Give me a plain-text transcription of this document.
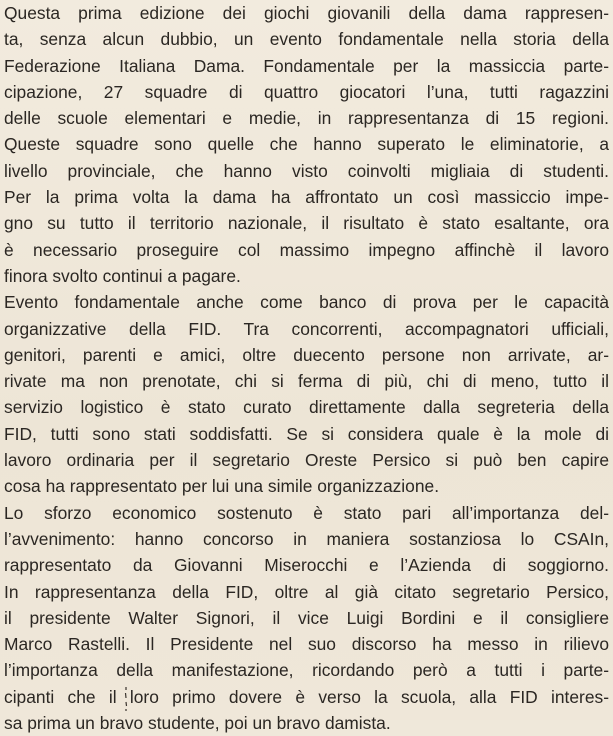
Questa prima edizione dei giochi giovanili della dama rappresen-
ta, senza alcun dubbio, un evento fondamentale nella storia della
Federazione Italiana Dama. Fondamentale per la massiccia parte-
cipazione, 27 squadre di quattro giocatori l’una, tutti ragazzini
delle scuole elementari e medie, in rappresentanza di 15 regioni.
Queste squadre sono quelle che hanno superato le eliminatorie, a
livello provinciale, che hanno visto coinvolti migliaia di studenti.
Per la prima volta la dama ha affrontato un così massiccio impe-
gno su tutto il territorio nazionale, il risultato è stato esaltante, ora
è necessario proseguire col massimo impegno affinchè il lavoro
finora svolto continui a pagare.
Evento fondamentale anche come banco di prova per le capacità
organizzative della FID. Tra concorrenti, accompagnatori ufficiali,
genitori, parenti e amici, oltre duecento persone non arrivate, ar-
rivate ma non prenotate, chi si ferma di più, chi di meno, tutto il
servizio logistico è stato curato direttamente dalla segreteria della
FID, tutti sono stati soddisfatti. Se si considera quale è la mole di
lavoro ordinaria per il segretario Oreste Persico si può ben capire
cosa ha rappresentato per lui una simile organizzazione.
Lo sforzo economico sostenuto è stato pari all’importanza del-
l’avvenimento: hanno concorso in maniera sostanziosa lo CSAIn,
rappresentato da Giovanni Miserocchi e l’Azienda di soggiorno.
In rappresentanza della FID, oltre al già citato segretario Persico,
il presidente Walter Signori, il vice Luigi Bordini e il consigliere
Marco Rastelli. Il Presidente nel suo discorso ha messo in rilievo
l’importanza della manifestazione, ricordando però a tutti i parte-
cipanti che il loro primo dovere è verso la scuola, alla FID interes-
sa prima un bravo studente, poi un bravo damista.
